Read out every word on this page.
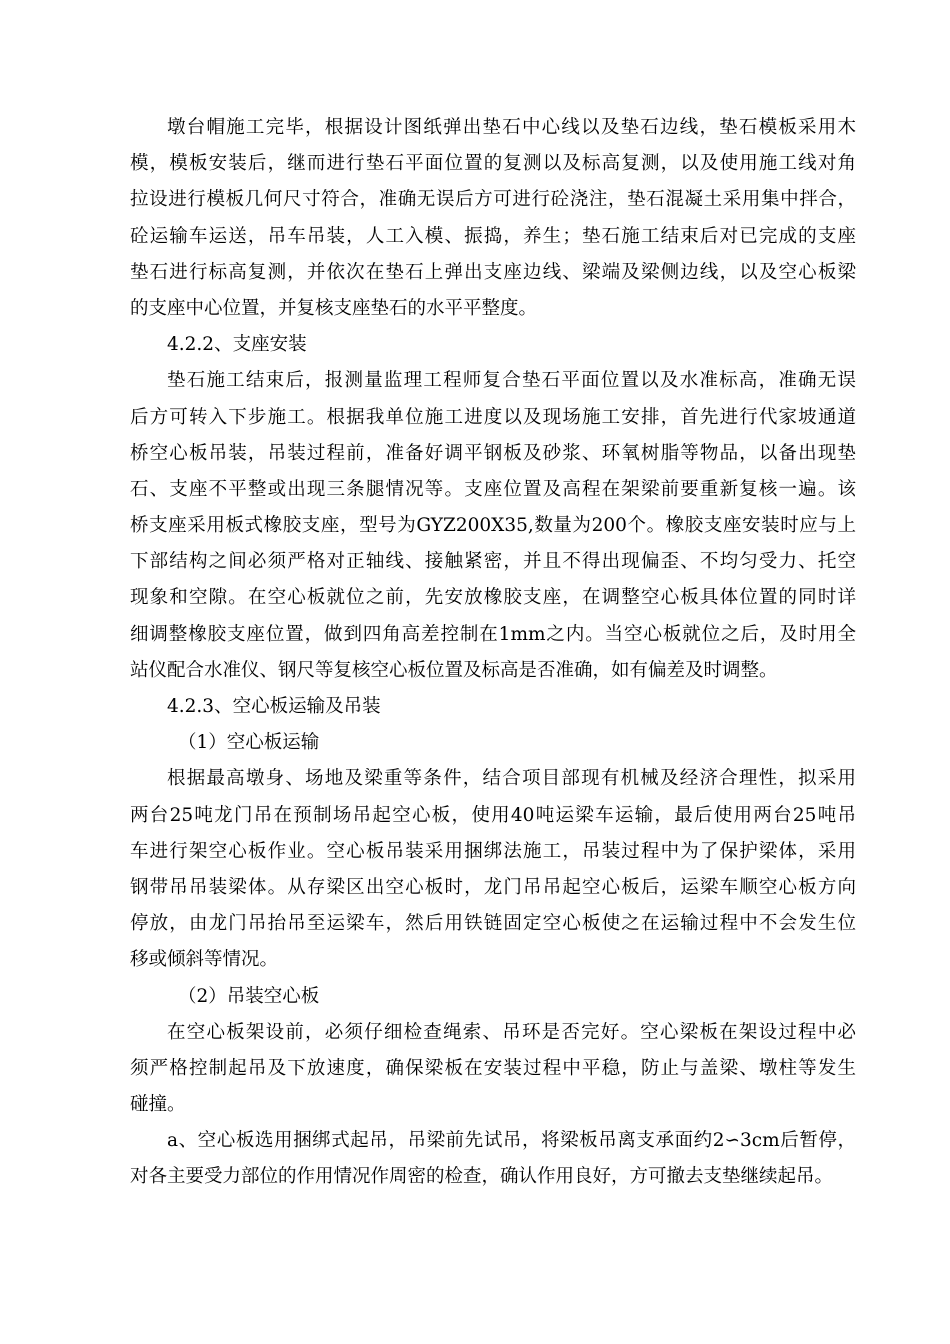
墩台帽施工完毕，根据设计图纸弹出垫石中心线以及垫石边线，垫石模板采用木
模，模板安装后，继而进行垫石平面位置的复测以及标高复测，以及使用施工线对角
拉设进行模板几何尺寸符合，准确无误后方可进行砼浇注，垫石混凝土采用集中拌合，
砼运输车运送，吊车吊装，人工入模、振捣，养生；垫石施工结束后对已完成的支座
垫石进行标高复测，并依次在垫石上弹出支座边线、梁端及梁侧边线，以及空心板梁
的支座中心位置，并复核支座垫石的水平平整度。
4.2.2、支座安装
垫石施工结束后，报测量监理工程师复合垫石平面位置以及水准标高，准确无误
后方可转入下步施工。根据我单位施工进度以及现场施工安排，首先进行代家坡通道
桥空心板吊装，吊装过程前，准备好调平钢板及砂浆、环氧树脂等物品，以备出现垫
石、支座不平整或出现三条腿情况等。支座位置及高程在架梁前要重新复核一遍。该
桥支座采用板式橡胶支座，型号为GYZ200X35,数量为200个。橡胶支座安装时应与上
下部结构之间必须严格对正轴线、接触紧密，并且不得出现偏歪、不均匀受力、托空
现象和空隙。在空心板就位之前，先安放橡胶支座，在调整空心板具体位置的同时详
细调整橡胶支座位置，做到四角高差控制在1mm之内。当空心板就位之后，及时用全
站仪配合水准仪、钢尺等复核空心板位置及标高是否准确，如有偏差及时调整。
4.2.3、空心板运输及吊装
（1）空心板运输
根据最高墩身、场地及梁重等条件，结合项目部现有机械及经济合理性，拟采用
两台25吨龙门吊在预制场吊起空心板，使用40吨运梁车运输，最后使用两台25吨吊
车进行架空心板作业。空心板吊装采用捆绑法施工，吊装过程中为了保护梁体，采用
钢带吊吊装梁体。从存梁区出空心板时，龙门吊吊起空心板后，运梁车顺空心板方向
停放，由龙门吊抬吊至运梁车，然后用铁链固定空心板使之在运输过程中不会发生位
移或倾斜等情况。
（2）吊装空心板
在空心板架设前，必须仔细检查绳索、吊环是否完好。空心梁板在架设过程中必
须严格控制起吊及下放速度，确保梁板在安装过程中平稳，防止与盖梁、墩柱等发生
碰撞。
a、空心板选用捆绑式起吊，吊梁前先试吊，将梁板吊离支承面约2∽3cm后暂停，
对各主要受力部位的作用情况作周密的检查，确认作用良好，方可撤去支垫继续起吊。
